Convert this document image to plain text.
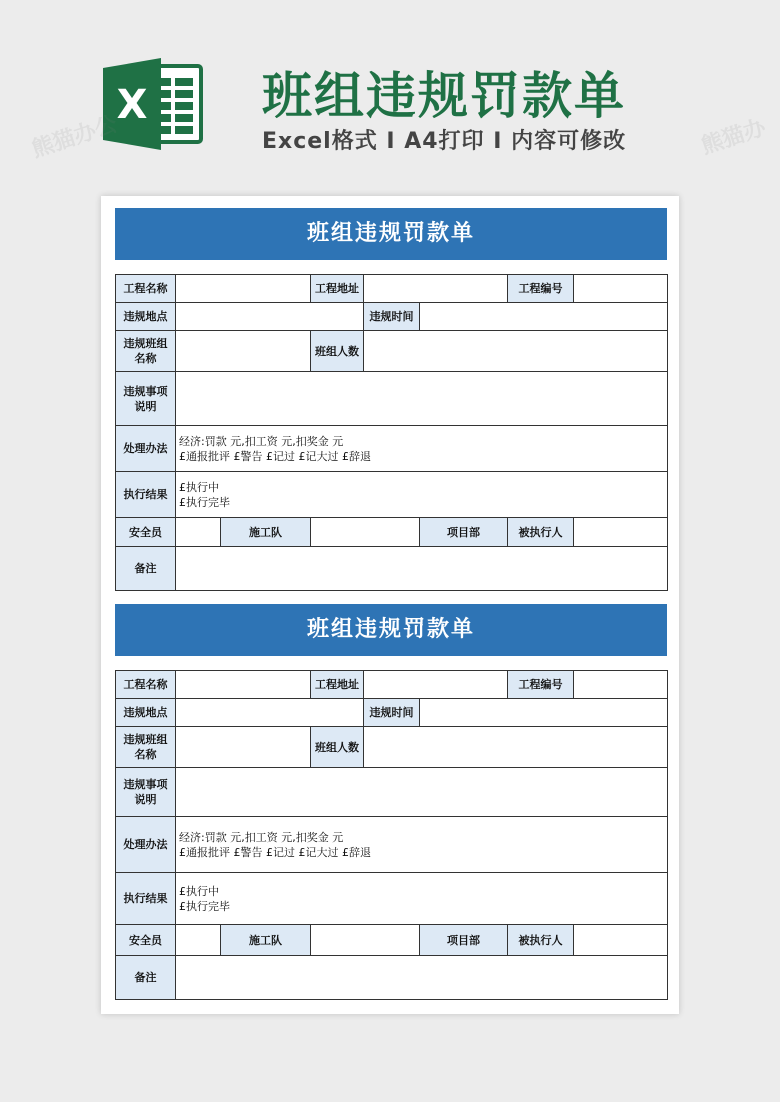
X 班组违规罚款单
Excel格式 I A4打印 I 内容可修改
熊猫办公	熊猫办
班组违规罚款单
工程名称			工程地址			工程编号	
违规地点				违规时间			
违规班组名称			班组人数				
违规事项说明							
处理办法	经济:罚款 元,扣工资 元,扣奖金 元
£通报批评 £警告 £记过 £记大过 £辞退						

执行结果	£执行中
£执行完毕						

安全员		施工队			项目部	被执行人	
备注							
班组违规罚款单
工程名称			工程地址			工程编号	
违规地点				违规时间			
违规班组名称			班组人数				
违规事项说明							
处理办法	经济:罚款 元,扣工资 元,扣奖金 元
£通报批评 £警告 £记过 £记大过 £辞退						

执行结果	£执行中
£执行完毕						

安全员		施工队			项目部	被执行人	
备注							
